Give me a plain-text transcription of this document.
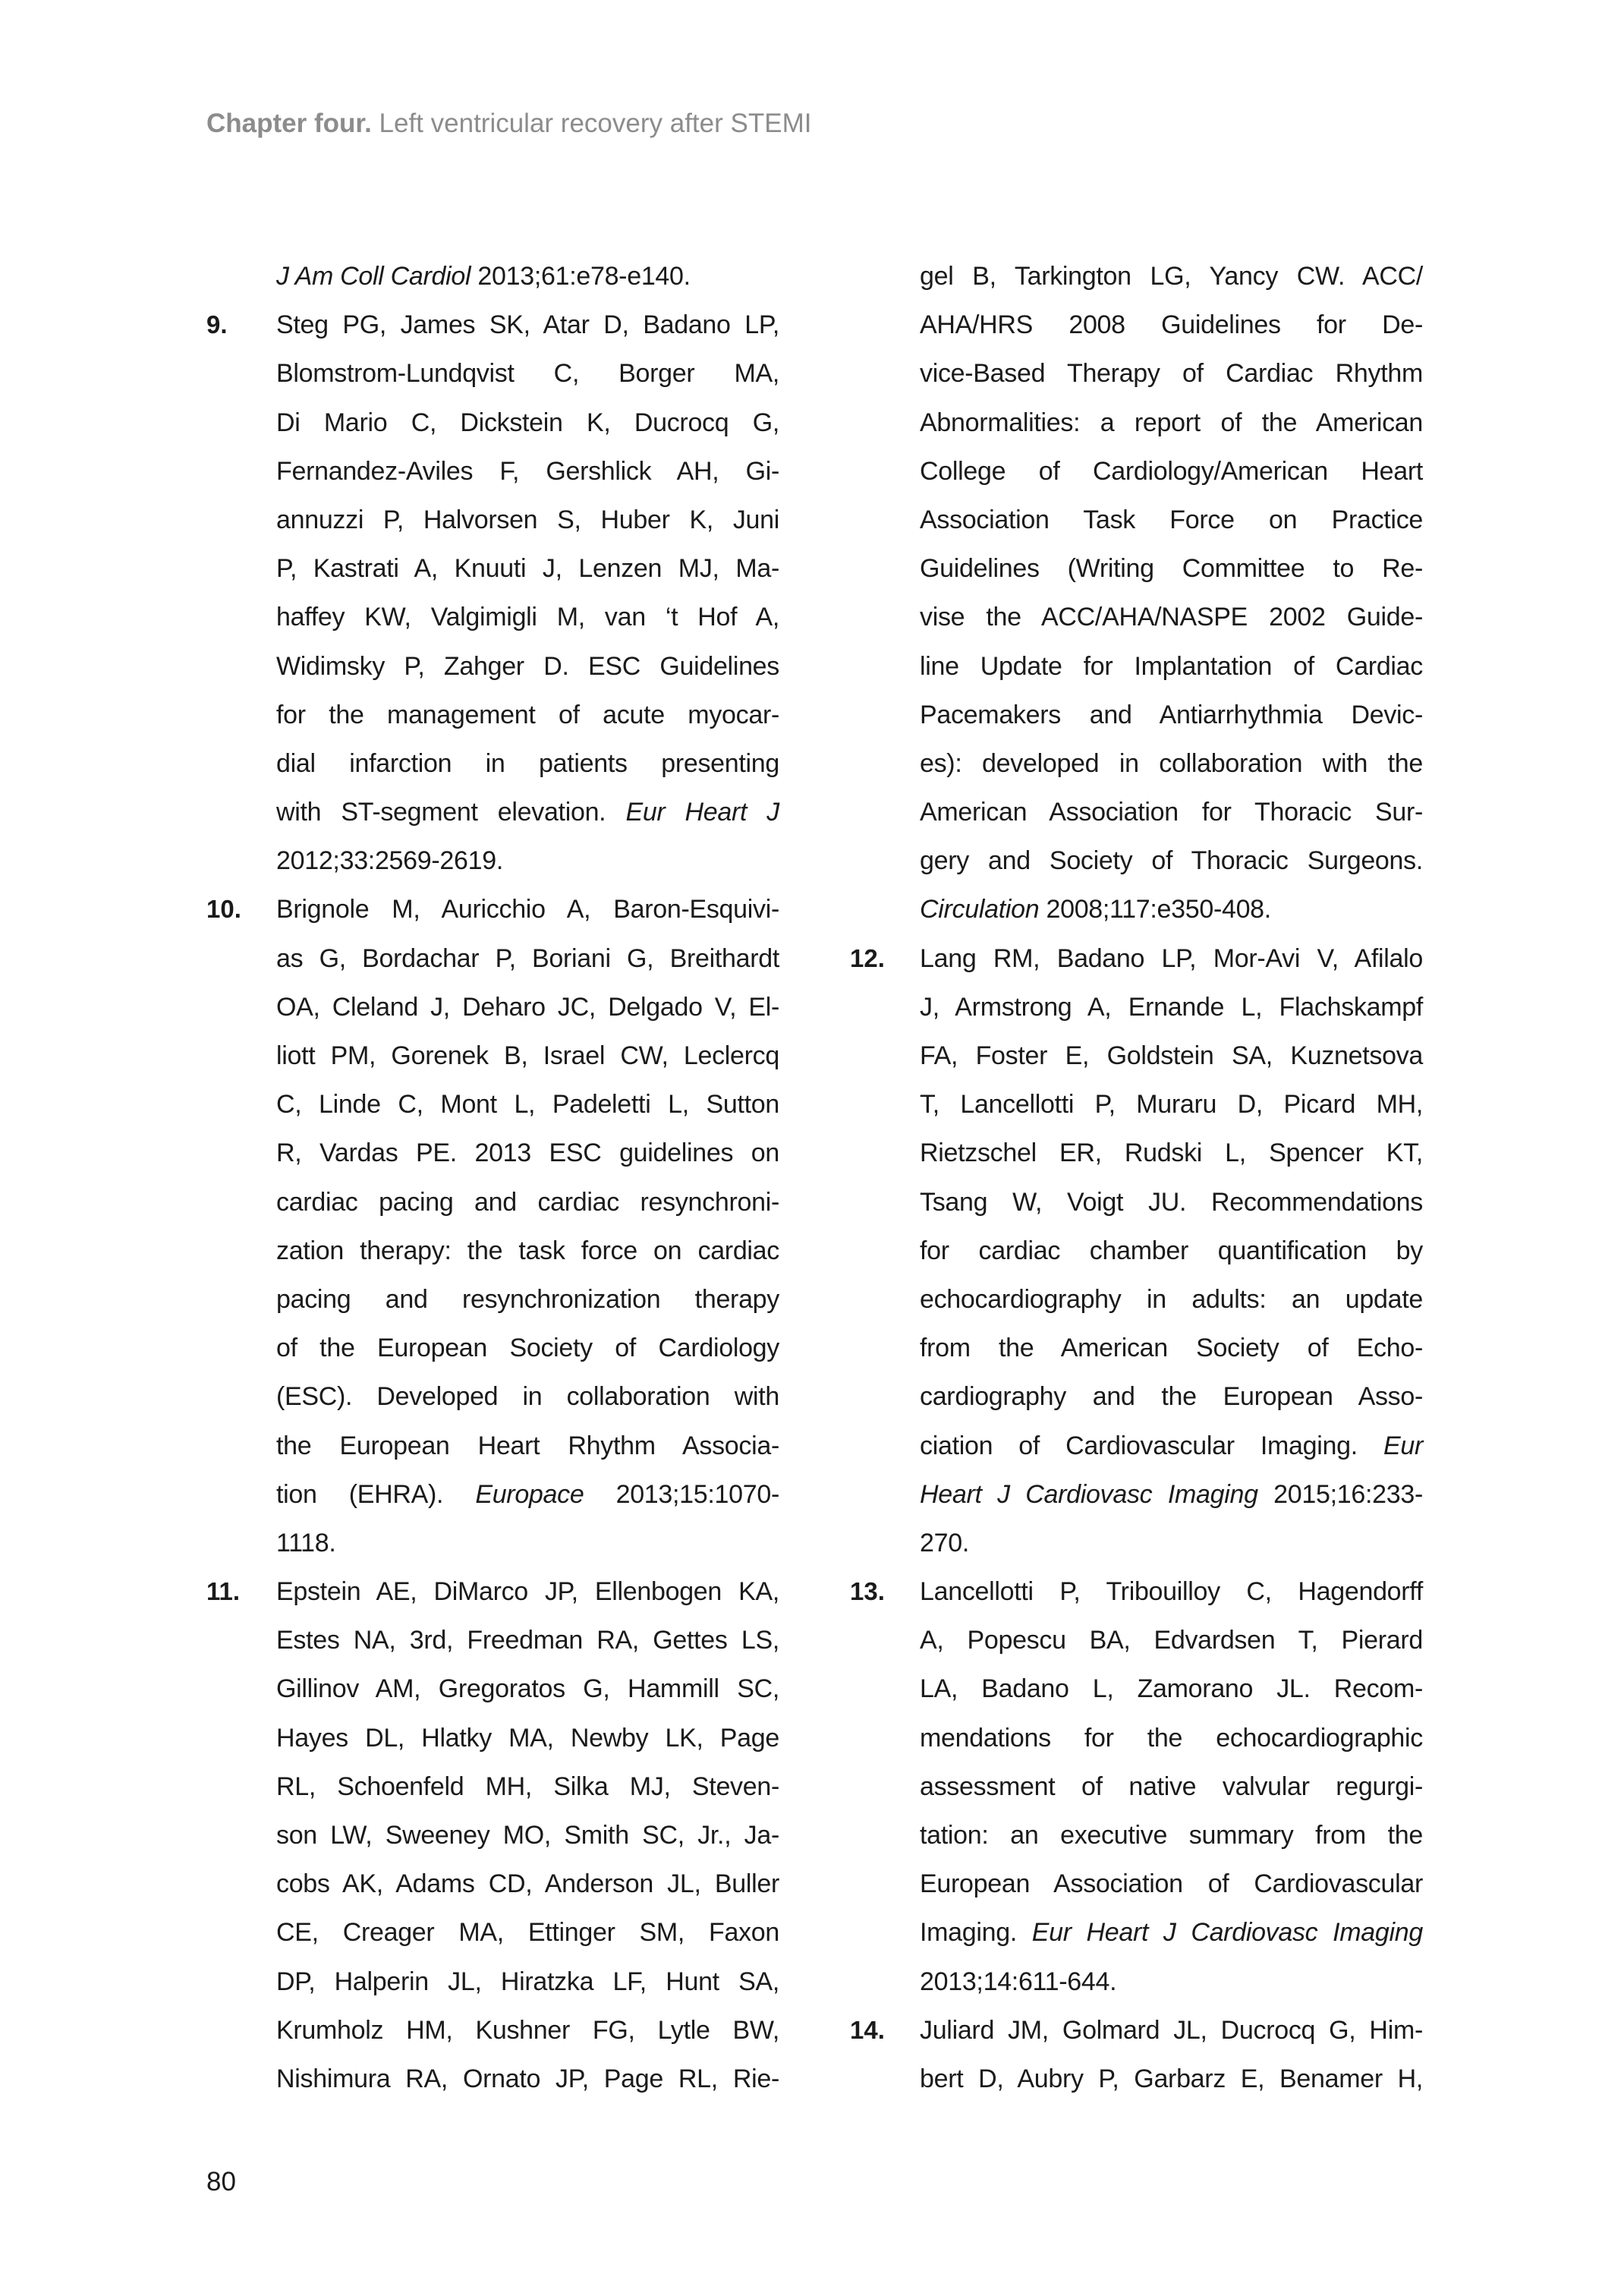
Chapter four. Left ventricular recovery after STEMI
J Am Coll Cardiol 2013;61:e78-e140.
9. Steg PG, James SK, Atar D, Badano LP,
Blomstrom-Lundqvist C, Borger MA,
Di Mario C, Dickstein K, Ducrocq G,
Fernandez-Aviles F, Gershlick AH, Gi-
annuzzi P, Halvorsen S, Huber K, Juni
P, Kastrati A, Knuuti J, Lenzen MJ, Ma-
haffey KW, Valgimigli M, van ‘t Hof A,
Widimsky P, Zahger D. ESC Guidelines
for the management of acute myocar-
dial infarction in patients presenting
with ST-segment elevation. Eur Heart J
2012;33:2569-2619.
10. Brignole M, Auricchio A, Baron-Esquivi-
as G, Bordachar P, Boriani G, Breithardt
OA, Cleland J, Deharo JC, Delgado V, El-
liott PM, Gorenek B, Israel CW, Leclercq
C, Linde C, Mont L, Padeletti L, Sutton
R, Vardas PE. 2013 ESC guidelines on
cardiac pacing and cardiac resynchroni-
zation therapy: the task force on cardiac
pacing and resynchronization therapy
of the European Society of Cardiology
(ESC). Developed in collaboration with
the European Heart Rhythm Associa-
tion (EHRA). Europace 2013;15:1070-
1118.
11. Epstein AE, DiMarco JP, Ellenbogen KA,
Estes NA, 3rd, Freedman RA, Gettes LS,
Gillinov AM, Gregoratos G, Hammill SC,
Hayes DL, Hlatky MA, Newby LK, Page
RL, Schoenfeld MH, Silka MJ, Steven-
son LW, Sweeney MO, Smith SC, Jr., Ja-
cobs AK, Adams CD, Anderson JL, Buller
CE, Creager MA, Ettinger SM, Faxon
DP, Halperin JL, Hiratzka LF, Hunt SA,
Krumholz HM, Kushner FG, Lytle BW,
Nishimura RA, Ornato JP, Page RL, Rie-
gel B, Tarkington LG, Yancy CW. ACC/
AHA/HRS 2008 Guidelines for De-
vice-Based Therapy of Cardiac Rhythm
Abnormalities: a report of the American
College of Cardiology/American Heart
Association Task Force on Practice
Guidelines (Writing Committee to Re-
vise the ACC/AHA/NASPE 2002 Guide-
line Update for Implantation of Cardiac
Pacemakers and Antiarrhythmia Devic-
es): developed in collaboration with the
American Association for Thoracic Sur-
gery and Society of Thoracic Surgeons.
Circulation 2008;117:e350-408.
12. Lang RM, Badano LP, Mor-Avi V, Afilalo
J, Armstrong A, Ernande L, Flachskampf
FA, Foster E, Goldstein SA, Kuznetsova
T, Lancellotti P, Muraru D, Picard MH,
Rietzschel ER, Rudski L, Spencer KT,
Tsang W, Voigt JU. Recommendations
for cardiac chamber quantification by
echocardiography in adults: an update
from the American Society of Echo-
cardiography and the European Asso-
ciation of Cardiovascular Imaging. Eur
Heart J Cardiovasc Imaging 2015;16:233-
270.
13. Lancellotti P, Tribouilloy C, Hagendorff
A, Popescu BA, Edvardsen T, Pierard
LA, Badano L, Zamorano JL. Recom-
mendations for the echocardiographic
assessment of native valvular regurgi-
tation: an executive summary from the
European Association of Cardiovascular
Imaging. Eur Heart J Cardiovasc Imaging
2013;14:611-644.
14. Juliard JM, Golmard JL, Ducrocq G, Him-
bert D, Aubry P, Garbarz E, Benamer H,
80
